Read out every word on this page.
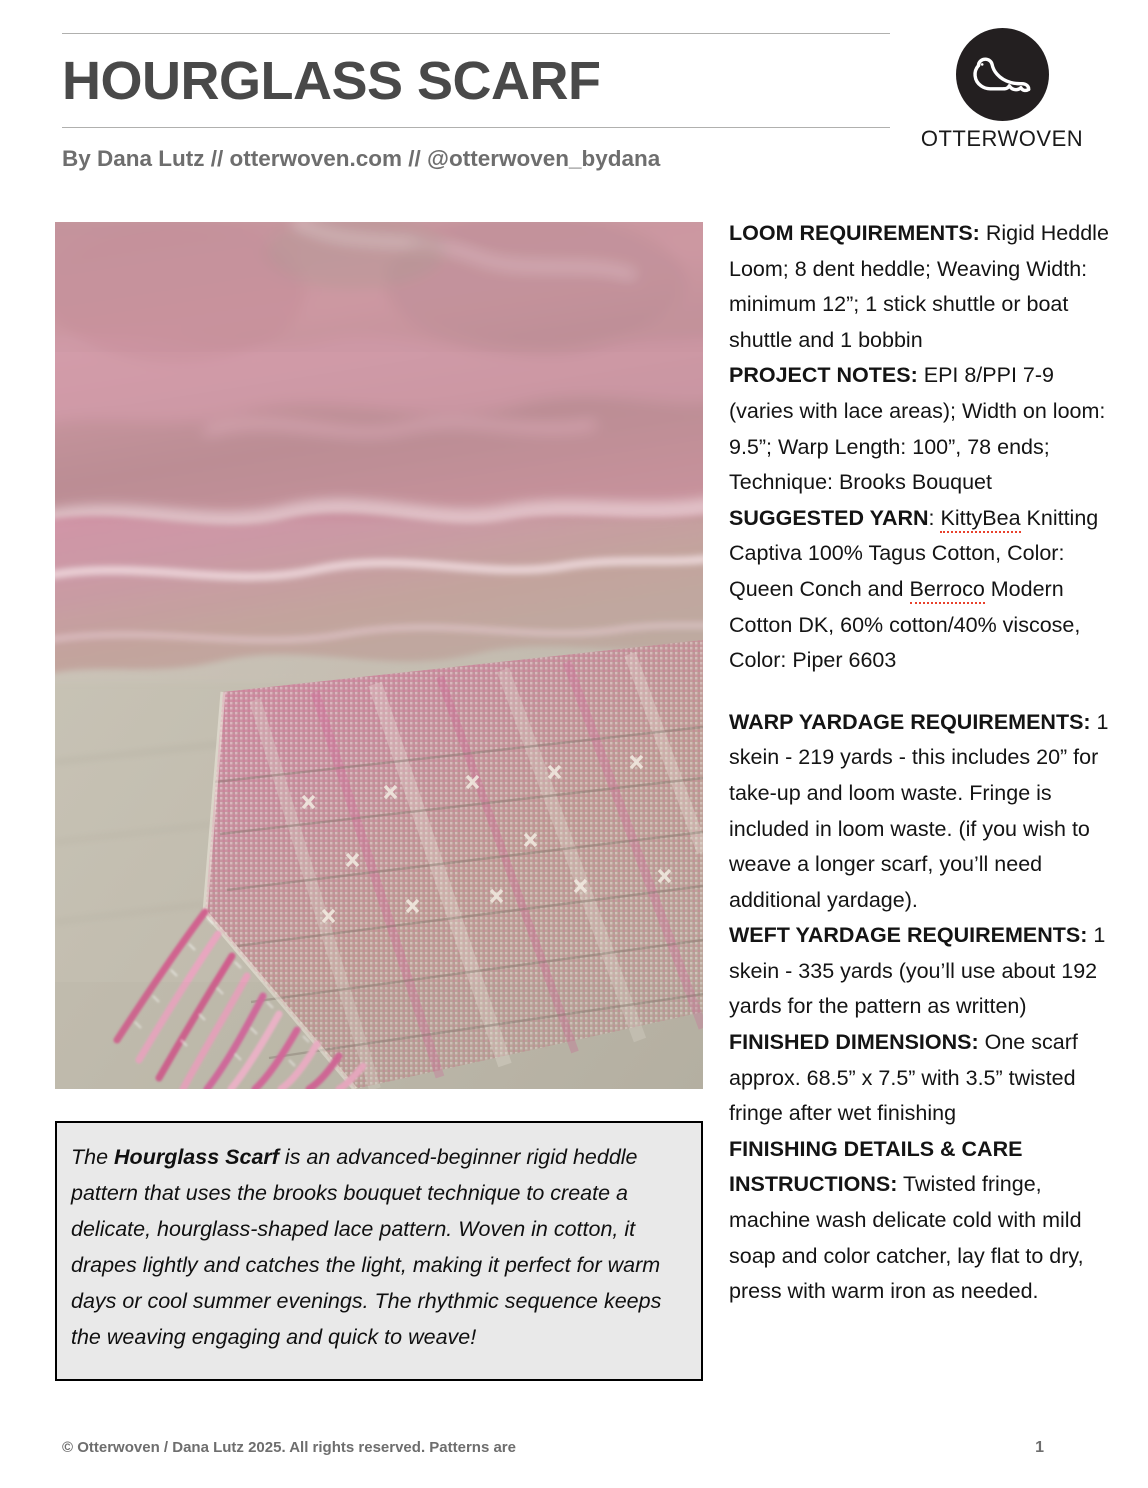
HOURGLASS SCARF
By Dana Lutz // otterwoven.com // @otterwoven_bydana
OTTERWOVEN
The Hourglass Scarf is an advanced-beginner rigid heddle pattern that uses the brooks bouquet technique to create a delicate, hourglass-shaped lace pattern. Woven in cotton, it drapes lightly and catches the light, making it perfect for warm days or cool summer evenings. The rhythmic sequence keeps the weaving engaging and quick to weave!

LOOM REQUIREMENTS: Rigid Heddle Loom; 8 dent heddle; Weaving Width: minimum 12”; 1 stick shuttle or boat shuttle and 1 bobbin

PROJECT NOTES: EPI 8/PPI 7-9 (varies with lace areas); Width on loom: 9.5”; Warp Length: 100”, 78 ends; Technique: Brooks Bouquet

SUGGESTED YARN: KittyBea Knitting Captiva 100% Tagus Cotton, Color: Queen Conch and Berroco Modern Cotton DK, 60% cotton/40% viscose, Color: Piper 6603

WARP YARDAGE REQUIREMENTS: 1 skein - 219 yards - this includes 20” for take-up and loom waste. Fringe is included in loom waste. (if you wish to weave a longer scarf, you’ll need additional yardage).

WEFT YARDAGE REQUIREMENTS: 1 skein - 335 yards (you’ll use about 192 yards for the pattern as written)

FINISHED DIMENSIONS: One scarf approx. 68.5” x 7.5” with 3.5” twisted fringe after wet finishing

FINISHING DETAILS & CARE INSTRUCTIONS: Twisted fringe, machine wash delicate cold with mild soap and color catcher, lay flat to dry, press with warm iron as needed.

© Otterwoven / Dana Lutz 2025. All rights reserved. Patterns are	1
